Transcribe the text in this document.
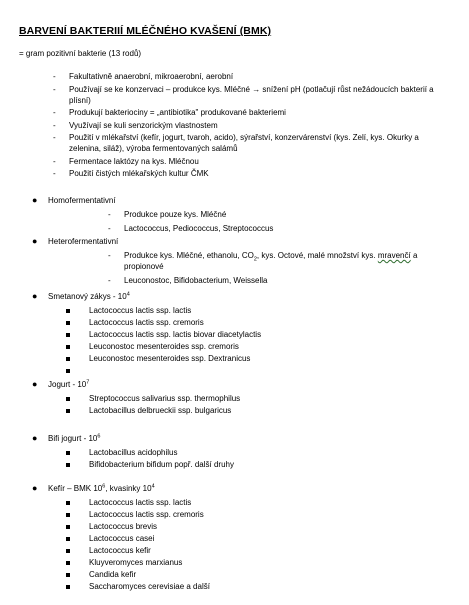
BARVENÍ BAKTERIIÍ MLÉČNÉHO KVAŠENÍ (BMK)
= gram pozitivní bakterie (13 rodů)
- Fakultativně anaerobní, mikroaerobní, aerobní
- Používají se ke konzervaci – produkce kys. Mléčné → snížení pH (potlačují růst nežádoucích bakterií a plísní)
- Produkují bakteriociny = „antibiotika" produkované bakteriemi
- Využívají se kuli senzorickým vlastnostem
- Použití v mlékařství (kefír, jogurt, tvaroh, acido), sýrařství, konzervárenství (kys. Zelí, kys. Okurky a zelenina, siláž), výroba fermentovaných salámů
- Fermentace laktózy na kys. Mléčnou
- Použití čistých mlékařských kultur ČMK
● Homofermentativní
- Produkce pouze kys. Mléčné
- Lactococcus, Pediococcus, Streptococcus
● Heterofermentativní
- Produkce kys. Mléčné, ethanolu, $CO_2$, kys. Octové, malé množství kys. mravenčí a propionové
- Leuconostoc, Bifidobacterium, Weissella
● Smetanový zákys - $10^4$
Lactococcus lactis ssp. lactis
Lactococcus lactis ssp. cremoris
Lactococcus lactis ssp. lactis biovar diacetylactis
Leuconostoc mesenteroides ssp. cremoris
Leuconostoc mesenteroides ssp. Dextranicus
● Jogurt - $10^7$
Streptococcus salivarius ssp. thermophilus
Lactobacillus delbrueckii ssp. bulgaricus
● Bifi jogurt - $10^6$
Lactobacillus acidophilus
Bifidobacterium bifidum popř. další druhy
● Kefír – BMK $10^6$, kvasinky $10^4$
Lactococcus lactis ssp. lactis
Lactococcus lactis ssp. cremoris
Lactococcus brevis
Lactococcus casei
Lactococcus kefir
Kluyveromyces marxianus
Candida kefir
Saccharomyces cerevisiae a další
